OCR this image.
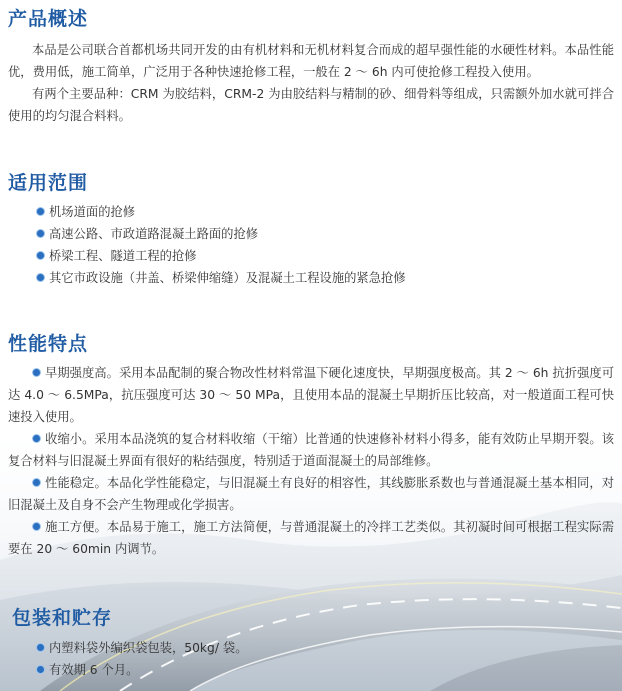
产品概述

本品是公司联合首都机场共同开发的由有机材料和无机材料复合而成的超早强性能的水硬性材料。本品性能优，费用低，施工简单，广泛用于各种快速抢修工程，一般在 2 ～ 6h 内可使抢修工程投入使用。

有两个主要品种：CRM 为胶结料，CRM-2 为由胶结料与精制的砂、细骨料等组成，只需额外加水就可拌合使用的均匀混合料料。

适用范围

机场道面的抢修

高速公路、市政道路混凝土路面的抢修

桥梁工程、隧道工程的抢修

其它市政设施（井盖、桥梁伸缩缝）及混凝土工程设施的紧急抢修

性能特点

早期强度高。采用本品配制的聚合物改性材料常温下硬化速度快，早期强度极高。其 2 ～ 6h 抗折强度可达 4.0 ～ 6.5MPa，抗压强度可达 30 ～ 50 MPa，且使用本品的混凝土早期折压比较高，对一般道面工程可快速投入使用。

收缩小。采用本品浇筑的复合材料收缩（干缩）比普通的快速修补材料小得多，能有效防止早期开裂。该复合材料与旧混凝土界面有很好的粘结强度，特别适于道面混凝土的局部维修。

性能稳定。本品化学性能稳定，与旧混凝土有良好的相容性，其线膨胀系数也与普通混凝土基本相同，对旧混凝土及自身不会产生物理或化学损害。

施工方便。本品易于施工，施工方法简便，与普通混凝土的冷拌工艺类似。其初凝时间可根据工程实际需要在 20 ～ 60min 内调节。

包装和贮存

内塑料袋外编织袋包装，50kg/ 袋。

有效期 6 个月。
